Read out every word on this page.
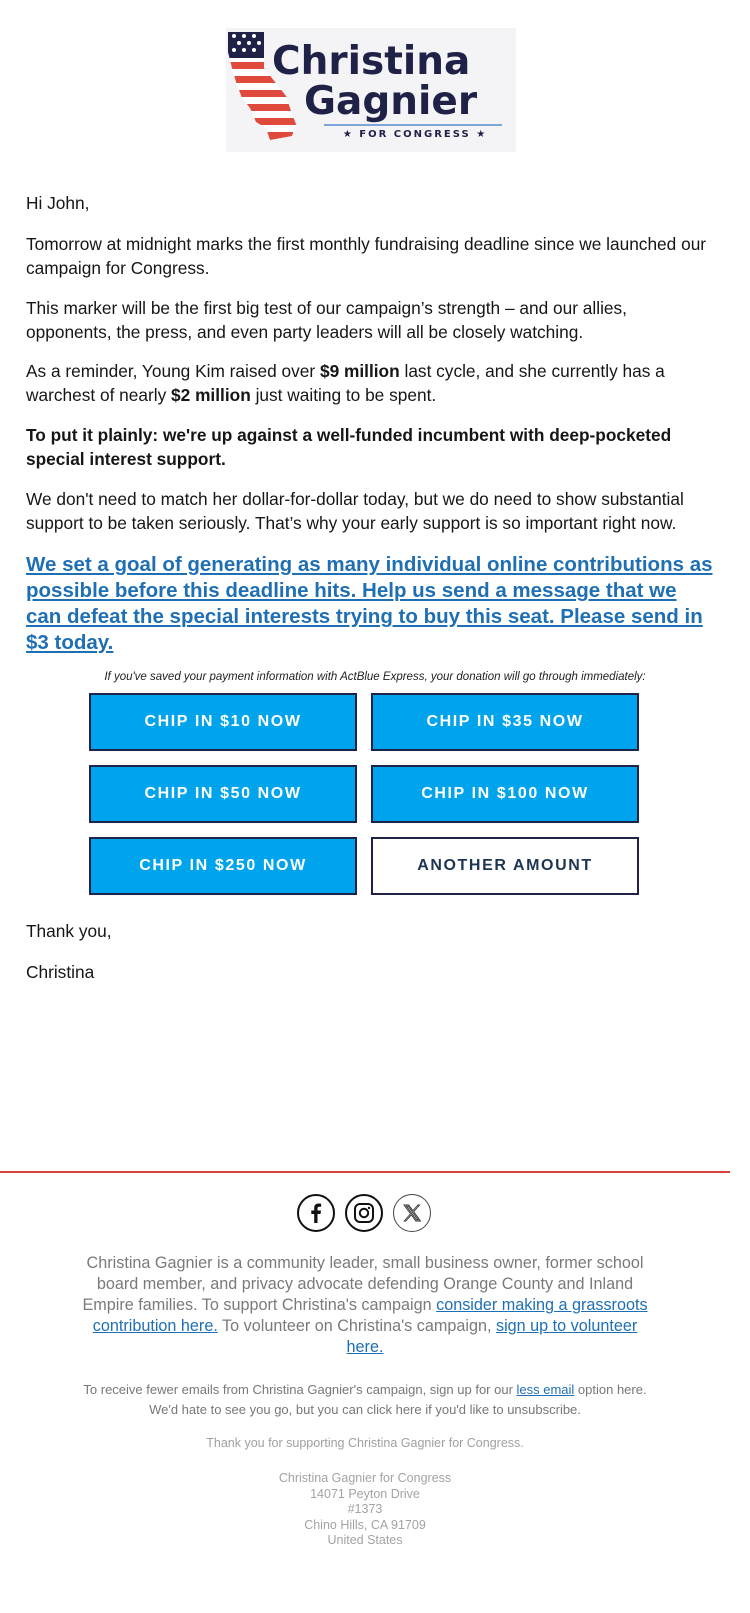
Christina
Gagnier
★ FOR CONGRESS ★

Hi John,

Tomorrow at midnight marks the first monthly fundraising deadline since we launched our campaign for Congress.

This marker will be the first big test of our campaign’s strength – and our allies, opponents, the press, and even party leaders will all be closely watching.

As a reminder, Young Kim raised over $9 million last cycle, and she currently has a warchest of nearly $2 million just waiting to be spent.

To put it plainly: we're up against a well-funded incumbent with deep-pocketed special interest support.

We don't need to match her dollar-for-dollar today, but we do need to show substantial support to be taken seriously. That’s why your early support is so important right now.

We set a goal of generating as many individual online contributions as possible before this deadline hits. Help us send a message that we can defeat the special interests trying to buy this seat. Please send in $3 today.
If you've saved your payment information with ActBlue Express, your donation will go through immediately:
CHIP IN $10 NOW	CHIP IN $35 NOW
CHIP IN $50 NOW	CHIP IN $100 NOW
CHIP IN $250 NOW	ANOTHER AMOUNT

Thank you,

Christina

Christina Gagnier is a community leader, small business owner, former school board member, and privacy advocate defending Orange County and Inland Empire families. To support Christina's campaign consider making a grassroots contribution here. To volunteer on Christina's campaign, sign up to volunteer here.
To receive fewer emails from Christina Gagnier's campaign, sign up for our less email option here. We'd hate to see you go, but you can click here if you'd like to unsubscribe.
Thank you for supporting Christina Gagnier for Congress.
Christina Gagnier for Congress
14071 Peyton Drive
#1373
Chino Hills, CA 91709
United States
